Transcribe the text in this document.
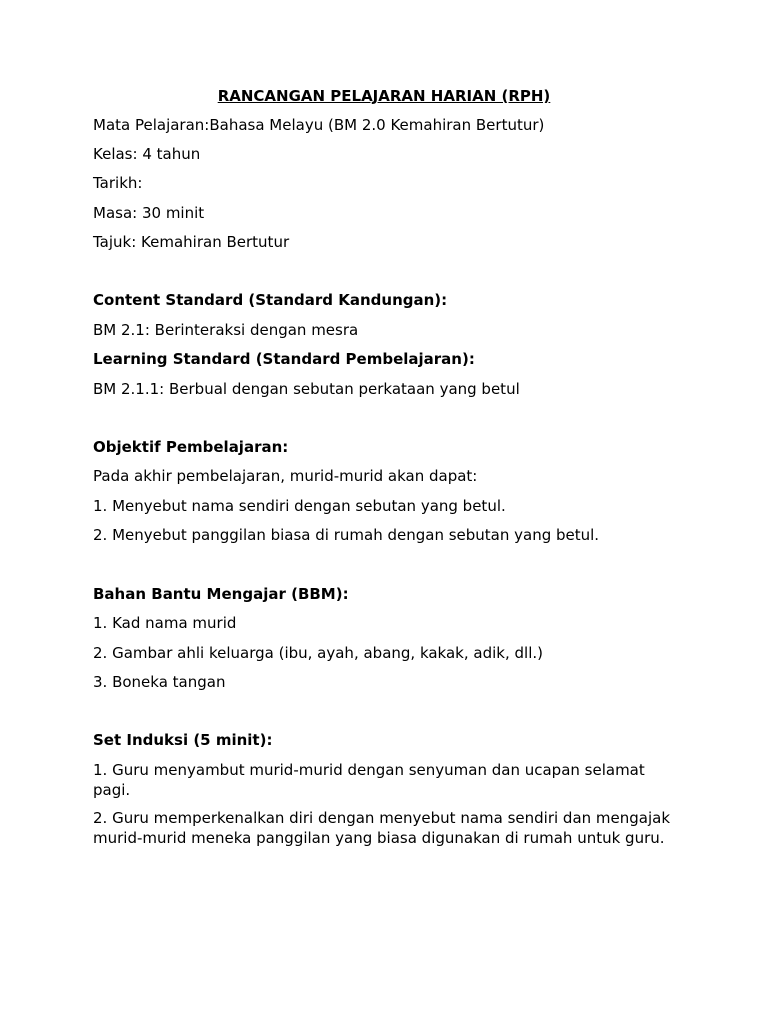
RANCANGAN PELAJARAN HARIAN (RPH)
Mata Pelajaran:Bahasa Melayu (BM 2.0 Kemahiran Bertutur)
Kelas: 4 tahun
Tarikh:
Masa: 30 minit
Tajuk: Kemahiran Bertutur
Content Standard (Standard Kandungan):
BM 2.1: Berinteraksi dengan mesra
Learning Standard (Standard Pembelajaran):
BM 2.1.1: Berbual dengan sebutan perkataan yang betul
Objektif Pembelajaran:
Pada akhir pembelajaran, murid-murid akan dapat:
1. Menyebut nama sendiri dengan sebutan yang betul.
2. Menyebut panggilan biasa di rumah dengan sebutan yang betul.
Bahan Bantu Mengajar (BBM):
1. Kad nama murid
2. Gambar ahli keluarga (ibu, ayah, abang, kakak, adik, dll.)
3. Boneka tangan
Set Induksi (5 minit):
1. Guru menyambut murid-murid dengan senyuman dan ucapan selamat pagi.
2. Guru memperkenalkan diri dengan menyebut nama sendiri dan mengajak murid-murid meneka panggilan yang biasa digunakan di rumah untuk guru.
